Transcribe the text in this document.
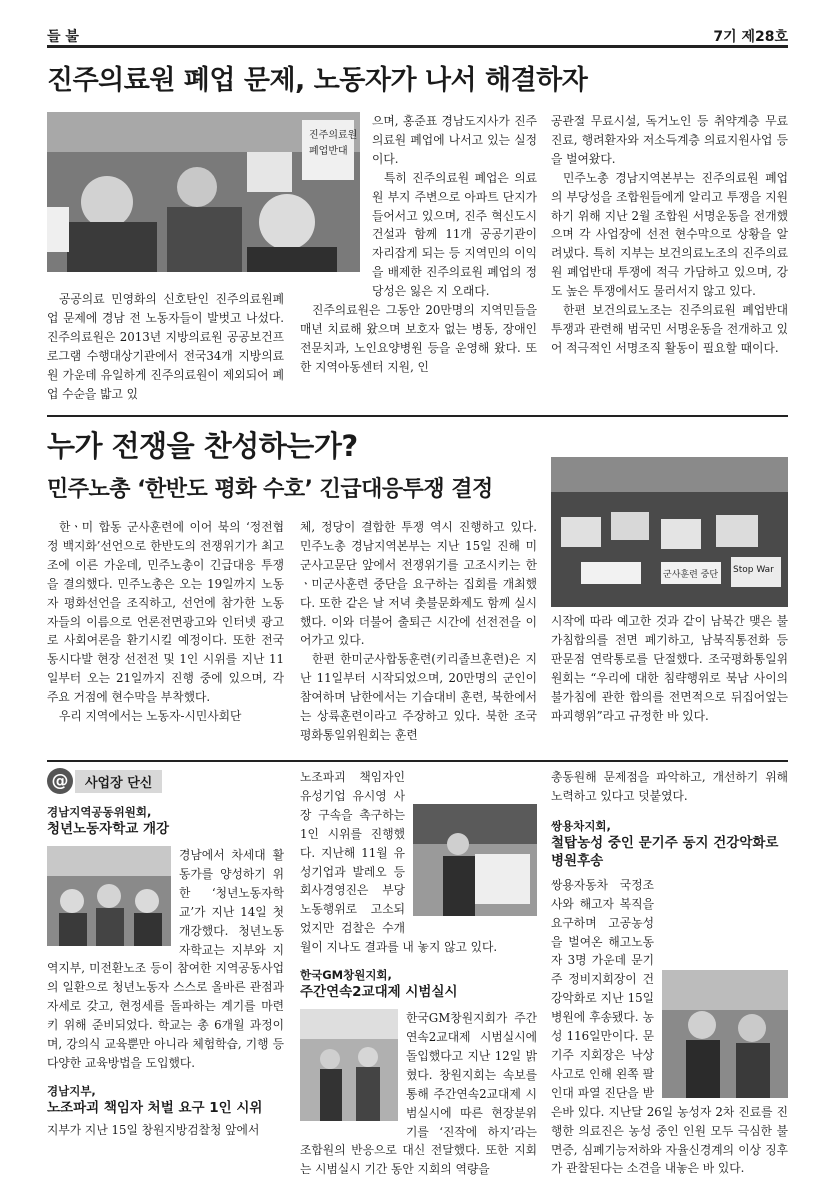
들 불	7기 제28호
진주의료원 폐업 문제, 노동자가 나서 해결하자
진주의료원
폐업반대

공공의료 민영화의 신호탄인 진주의료원폐업 문제에 경남 전 노동자들이 발벗고 나섰다. 진주의료원은 2013년 지방의료원 공공보건프로그램 수행대상기관에서 전국34개 지방의료원 가운데 유일하게 진주의료원이 제외되어 폐업 수순을 밟고 있

으며, 홍준표 경남도지사가 진주의료원 폐업에 나서고 있는 실정이다.

특히 진주의료원 폐업은 의료원 부지 주변으로 아파트 단지가 들어서고 있으며, 진주 혁신도시 건설과 함께 11개 공공기관이 자리잡게 되는 등 지역민의 이익을 배제한 진주의료원 폐업의 정당성은 잃은 지 오래다.

진주의료원은 그동안 20만명의 지역민들을 매년 치료해 왔으며 보호자 없는 병동, 장애인전문치과, 노인요양병원 등을 운영해 왔다. 또한 지역아동센터 지원, 인

공관절 무료시설, 독거노인 등 취약계층 무료진료, 행려환자와 저소득계층 의료지원사업 등을 벌여왔다.

민주노총 경남지역본부는 진주의료원 폐업의 부당성을 조합원들에게 알리고 투쟁을 지원하기 위해 지난 2월 조합원 서명운동을 전개했으며 각 사업장에 선전 현수막으로 상황을 알려냈다. 특히 지부는 보건의료노조의 진주의료원 폐업반대 투쟁에 적극 가담하고 있으며, 강도 높은 투쟁에서도 물러서지 않고 있다.

한편 보건의료노조는 진주의료원 폐업반대 투쟁과 관련해 범국민 서명운동을 전개하고 있어 적극적인 서명조직 활동이 필요할 때이다.

누가 전쟁을 찬성하는가?
민주노총 ‘한반도 평화 수호’ 긴급대응투쟁 결정
군사훈련 중단 Stop War

한ㆍ미 합동 군사훈련에 이어 북의 ‘정전협정 백지화’선언으로 한반도의 전쟁위기가 최고조에 이른 가운데, 민주노총이 긴급대응 투쟁을 결의했다. 민주노총은 오는 19일까지 노동자 평화선언을 조직하고, 선언에 참가한 노동자들의 이름으로 언론전면광고와 인터넷 광고로 사회여론을 환기시킬 예정이다. 또한 전국동시다발 현장 선전전 및 1인 시위를 지난 11일부터 오는 21일까지 진행 중에 있으며, 각 주요 거점에 현수막을 부착했다.

우리 지역에서는 노동자-시민사회단

체, 정당이 결합한 투쟁 역시 진행하고 있다. 민주노총 경남지역본부는 지난 15일 진해 미군사고문단 앞에서 전쟁위기를 고조시키는 한ㆍ미군사훈련 중단을 요구하는 집회를 개최했다. 또한 같은 날 저녁 촛불문화제도 함께 실시했다. 이와 더불어 출퇴근 시간에 선전전을 이어가고 있다.

한편 한미군사합동훈련(키리졸브훈련)은 지난 11일부터 시작되었으며, 20만명의 군인이 참여하며 남한에서는 기습대비 훈련, 북한에서는 상륙훈련이라고 주장하고 있다. 북한 조국평화통일위원회는 훈련

시작에 따라 예고한 것과 같이 남북간 맺은 불가침합의를 전면 폐기하고, 남북직통전화 등 판문점 연락통로를 단절했다. 조국평화통일위원회는 “우리에 대한 침략행위로 북남 사이의 불가침에 관한 합의를 전면적으로 뒤집어엎는 파괴행위”라고 규정한 바 있다.

@	사업장 단신
경남지역공동위원회,
청년노동자학교 개강

경남에서 차세대 활동가를 양성하기 위한 ‘청년노동자학교’가 지난 14일 첫 개강했다. 청년노동자학교는 지부와 지역지부, 미전환노조 등이 참여한 지역공동사업의 일환으로 청년노동자 스스로 올바른 관점과 자세로 갖고, 현정세를 돌파하는 계기를 마련키 위해 준비되었다. 학교는 총 6개월 과정이며, 강의식 교육뿐만 아니라 체험학습, 기행 등 다양한 교육방법을 도입했다.

경남지부,
노조파괴 책임자 처벌 요구 1인 시위

지부가 지난 15일 창원지방검찰청 앞에서

노조파괴 책임자인 유성기업 유시영 사장 구속을 촉구하는 1인 시위를 진행했다. 지난해 11월 유성기업과 발레오 등 회사경영진은 부당노동행위로 고소되었지만 검찰은 수개월이 지나도 결과를 내 놓지 않고 있다.

한국GM창원지회,
주간연속2교대제 시범실시

한국GM창원지회가 주간연속2교대제 시범실시에 돌입했다고 지난 12일 밝혔다. 창원지회는 속보를 통해 주간연속2교대제 시범실시에 따른 현장분위기를 ‘진작에 하지’라는 조합원의 반응으로 대신 전달했다. 또한 지회는 시범실시 기간 동안 지회의 역량을

총동원해 문제점을 파악하고, 개선하기 위해 노력하고 있다고 덧붙였다.

쌍용차지회,
철탑농성 중인 문기주 동지 건강악화로 병원후송

쌍용자동차 국정조사와 해고자 복직을 요구하며 고공농성을 벌여온 해고노동자 3명 가운데 문기주 정비지회장이 건강악화로 지난 15일 병원에 후송됐다. 농성 116일만이다. 문기주 지회장은 낙상사고로 인해 왼쪽 팔 인대 파열 진단을 받은바 있다. 지난달 26일 농성자 2차 진료를 진행한 의료진은 농성 중인 인원 모두 극심한 불면증, 심폐기능저하와 자율신경계의 이상 징후가 관찰된다는 소견을 내놓은 바 있다.
